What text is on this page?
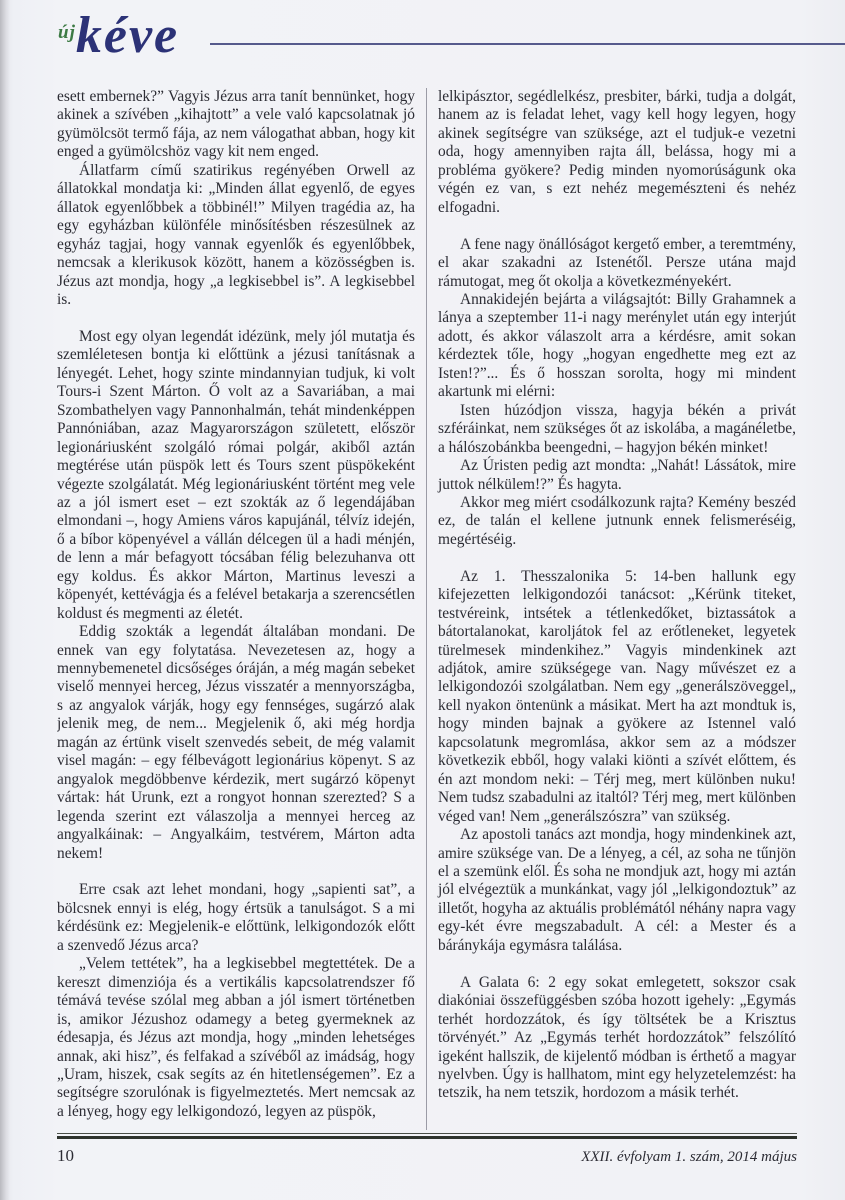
újkéve

esett embernek?” Vagyis Jézus arra tanít bennünket, hogy akinek a szívében „kihajtott” a vele való kapcsolatnak jó gyümölcsöt termő fája, az nem válogathat abban, hogy kit enged a gyümölcshöz vagy kit nem enged.

Állatfarm című szatirikus regényében Orwell az állatokkal mondatja ki: „Minden állat egyenlő, de egyes állatok egyenlőbbek a többinél!” Milyen tragédia az, ha egy egyházban különféle minősítésben részesülnek az egyház tagjai, hogy vannak egyenlők és egyenlőbbek, nemcsak a klerikusok között, hanem a közösségben is. Jézus azt mondja, hogy „a legkisebbel is”. A legkisebbel is.

Most egy olyan legendát idézünk, mely jól mutatja és szemléletesen bontja ki előttünk a jézusi tanításnak a lényegét. Lehet, hogy szinte mindannyian tudjuk, ki volt Tours-i Szent Márton. Ő volt az a Savariában, a mai Szombathelyen vagy Pannonhalmán, tehát mindenképpen Pannóniában, azaz Magyarországon született, először legionáriusként szolgáló római polgár, akiből aztán megtérése után püspök lett és Tours szent püspökeként végezte szolgálatát. Még legionáriusként történt meg vele az a jól ismert eset – ezt szokták az ő legendájában elmondani –, hogy Amiens város kapujánál, télvíz idején, ő a bíbor köpenyével a vállán délcegen ül a hadi ménjén, de lenn a már befagyott tócsában félig belezuhanva ott egy koldus. És akkor Márton, Martinus leveszi a köpenyét, kettévágja és a felével betakarja a szerencsétlen koldust és megmenti az életét.

Eddig szokták a legendát általában mondani. De ennek van egy folytatása. Nevezetesen az, hogy a mennybemenetel dicsőséges óráján, a még magán sebeket viselő mennyei herceg, Jézus visszatér a mennyországba, s az angyalok várják, hogy egy fennséges, sugárzó alak jelenik meg, de nem... Megjelenik ő, aki még hordja magán az értünk viselt szenvedés sebeit, de még valamit visel magán: – egy félbevágott legionárius köpenyt. S az angyalok megdöbbenve kérdezik, mert sugárzó köpenyt vártak: hát Urunk, ezt a rongyot honnan szerezted? S a legenda szerint ezt válaszolja a mennyei herceg az angyalkáinak: – Angyalkáim, testvérem, Márton adta nekem!

Erre csak azt lehet mondani, hogy „sapienti sat”, a bölcsnek ennyi is elég, hogy értsük a tanulságot. S a mi kérdésünk ez: Megjelenik-e előttünk, lelkigondozók előtt a szenvedő Jézus arca?

„Velem tettétek”, ha a legkisebbel megtettétek. De a kereszt dimenziója és a vertikális kapcsolatrendszer fő témává tevése szólal meg abban a jól ismert történetben is, amikor Jézushoz odamegy a beteg gyermeknek az édesapja, és Jézus azt mondja, hogy „minden lehetséges annak, aki hisz”, és felfakad a szívéből az imádság, hogy „Uram, hiszek, csak segíts az én hitetlenségemen”. Ez a segítségre szorulónak is figyelmeztetés. Mert nemcsak az a lényeg, hogy egy lelkigondozó, legyen az püspök,

lelkipásztor, segédlelkész, presbiter, bárki, tudja a dolgát, hanem az is feladat lehet, vagy kell hogy legyen, hogy akinek segítségre van szüksége, azt el tudjuk-e vezetni oda, hogy amennyiben rajta áll, belássa, hogy mi a probléma gyökere? Pedig minden nyomorúságunk oka végén ez van, s ezt nehéz megemészteni és nehéz elfogadni.

A fene nagy önállóságot kergető ember, a teremtmény, el akar szakadni az Istenétől. Persze utána majd rámutogat, meg őt okolja a következményekért.

Annakidején bejárta a világsajtót: Billy Grahamnek a lánya a szeptember 11-i nagy merénylet után egy interjút adott, és akkor válaszolt arra a kérdésre, amit sokan kérdeztek tőle, hogy „hogyan engedhette meg ezt az Isten!?”... És ő hosszan sorolta, hogy mi mindent akartunk mi elérni:

Isten húzódjon vissza, hagyja békén a privát szféráinkat, nem szükséges őt az iskolába, a magánéletbe, a hálószobánkba beengedni, – hagyjon békén minket!

Az Úristen pedig azt mondta: „Nahát! Lássátok, mire juttok nélkülem!?” És hagyta.

Akkor meg miért csodálkozunk rajta? Kemény beszéd ez, de talán el kellene jutnunk ennek felismeréséig, megértéséig.

Az 1. Thesszalonika 5: 14-ben hallunk egy kifejezetten lelkigondozói tanácsot: „Kérünk titeket, testvéreink, intsétek a tétlenkedőket, biztassátok a bátortalanokat, karoljátok fel az erőtleneket, legyetek türelmesek mindenkihez.” Vagyis mindenkinek azt adjátok, amire szükségege van. Nagy művészet ez a lelkigondozói szolgálatban. Nem egy „generálszöveggel„ kell nyakon öntenünk a másikat. Mert ha azt mondtuk is, hogy minden bajnak a gyökere az Istennel való kapcsolatunk megromlása, akkor sem az a módszer következik ebből, hogy valaki kiönti a szívét előttem, és én azt mondom neki: – Térj meg, mert különben nuku! Nem tudsz szabadulni az italtól? Térj meg, mert különben véged van! Nem „generálszószra” van szükség.

Az apostoli tanács azt mondja, hogy mindenkinek azt, amire szüksége van. De a lényeg, a cél, az soha ne tűnjön el a szemünk elől. És soha ne mondjuk azt, hogy mi aztán jól elvégeztük a munkánkat, vagy jól „lelkigondoztuk” az illetőt, hogyha az aktuális problémától néhány napra vagy egy-két évre megszabadult. A cél: a Mester és a báránykája egymásra találása.

A Galata 6: 2 egy sokat emlegetett, sokszor csak diakóniai összefüggésben szóba hozott igehely: „Egymás terhét hordozzátok, és így töltsétek be a Krisztus törvényét.” Az „Egymás terhét hordozzátok” felszólító igeként hallszik, de kijelentő módban is érthető a magyar nyelvben. Úgy is hallhatom, mint egy helyzetelemzést: ha tetszik, ha nem tetszik, hordozom a másik terhét.

10	XXII. évfolyam 1. szám, 2014 május
